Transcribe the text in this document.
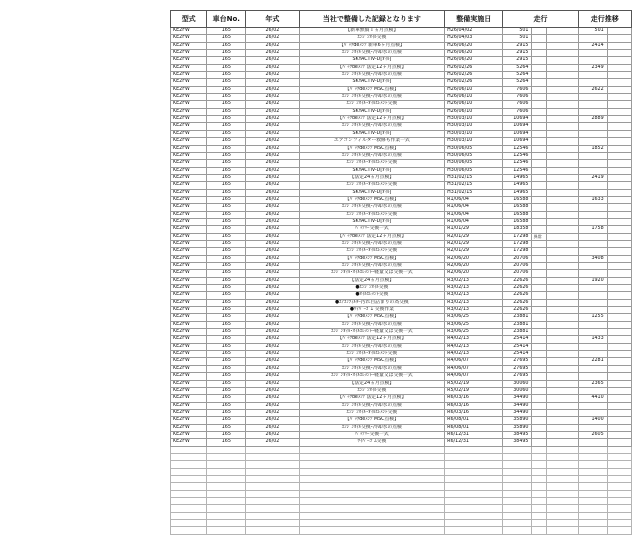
型式	車台No.	年式	当社で整備した記録となります	整備実施日	走行			走行推移	
KE2FW	165	26/02	【新車無償１ヵ月点検】	H26/04/02	501			501	
KE2FW	165	26/02	ｴﾝｼﾞﾝｵｲﾙ交換	H26/04/03	501				
KE2FW	165	26/02	【ﾊﾟｯｸdeﾒﾝﾃ 新車6ヶ月点検】	H26/06/20	2915			2414	
KE2FW	165	26/02	ｴﾝｼﾞﾝｵｲﾙ交換･冷却水の点検	H26/06/20	2915				
KE2FW	165	26/02	SKYACTIV-D[ｵｲﾙ]	H26/06/20	2915				
KE2FW	165	26/02	【ﾊﾟｯｸdeﾒﾝﾃ 法定12ヶ月点検】	H26/02/26	5264			2349	
KE2FW	165	26/02	ｴﾝｼﾞﾝｵｲﾙ交換･冷却水の点検	H26/02/26	5264				
KE2FW	165	26/02	SKYACTIV-D[ｵｲﾙ]	H26/02/26	5264				
KE2FW	165	26/02	【ﾊﾟｯｸdeﾒﾝﾃ MSC点検】	H26/06/10	7606			2622	
KE2FW	165	26/02	ｴﾝｼﾞﾝｵｲﾙ交換･冷却水の点検	H26/06/10	7606				
KE2FW	165	26/02	ｴﾝｼﾞﾝｵｲﾙ･ｵｲﾙｴﾚﾒﾝﾄ交換	H26/06/10	7606				
KE2FW	165	26/02	SKYACTIV-D[ｵｲﾙ]	H26/06/10	7606				
KE2FW	165	26/02	【ﾊﾟｯｸdeﾒﾝﾃ 法定12ヶ月点検】	H30/03/10	10694			2889	
KE2FW	165	26/02	ｴﾝｼﾞﾝｵｲﾙ交換･冷却水の点検	H30/03/10	10694				
KE2FW	165	26/02	SKYACTIV-D[ｵｲﾙ]	H30/03/10	10694				
KE2FW	165	26/02	エアコンフィルター救修も作業一式	H30/03/10	10694				
KE2FW	165	26/02	【ﾊﾟｯｸdeﾒﾝﾃ MSC点検】	H30/06/05	12546			1852	
KE2FW	165	26/02	ｴﾝｼﾞﾝｵｲﾙ交換･冷却水の点検	H30/06/05	12546				
KE2FW	165	26/02	ｴﾝｼﾞﾝｵｲﾙ･ｵｲﾙｴﾚﾒﾝﾄ交換	H30/06/05	12546				
KE2FW	165	26/02	SKYACTIV-D[ｵｲﾙ]	H30/06/05	12546				
KE2FW	165	26/02	【法定24ヵ月点検】	H31/02/15	14965			2419	
KE2FW	165	26/02	ｴﾝｼﾞﾝｵｲﾙ･ｵｲﾙｴﾚﾒﾝﾄ交換	H31/02/15	14965				
KE2FW	165	26/02	SKYACTIV-D[ｵｲﾙ]	H31/02/15	14965				
KE2FW	165	26/02	【ﾊﾟｯｸdeﾒﾝﾃ MSC点検】	R1/06/04	16588			1633	
KE2FW	165	26/02	ｴﾝｼﾞﾝｵｲﾙ交換･冷却水の点検	R1/06/04	16588				
KE2FW	165	26/02	ｴﾝｼﾞﾝｵｲﾙ･ｵｲﾙｴﾚﾒﾝﾄ交換	R1/06/04	16588				
KE2FW	165	26/02	SKYACTIV-D[ｵｲﾙ]	R1/06/04	16588				
KE2FW	165	26/02	ﾊﾞｯﾃﾘｰ交換一式	R1/01/29	18358			1758	
KE2FW	165	26/02	【ﾊﾟｯｸdeﾒﾝﾃ 法定12ヶ月点検】	R2/01/29	17298	異常			
KE2FW	165	26/02	ｴﾝｼﾞﾝｵｲﾙ交換･冷却水の点検	R2/01/29	17298				
KE2FW	165	26/02	ｴﾝｼﾞﾝｵｲﾙ･ｵｲﾙｴﾚﾒﾝﾄ交換	R2/01/29	17298				
KE2FW	165	26/02	【ﾊﾟｯｸdeﾒﾝﾃ MSC点検】	R2/06/20	20706			3408	
KE2FW	165	26/02	ｴﾝｼﾞﾝｵｲﾙ交換･冷却水の点検	R2/06/20	20706				
KE2FW	165	26/02	ｴﾝｼﾞﾝｵｲﾙ･ｵｲﾙｴﾚﾒﾝﾄ･軽量又は交換一式	R2/06/20	20706				
KE2FW	165	26/02	【法定24ヵ月点検】	R3/02/13	22626			1920	
KE2FW	165	26/02	●ｴﾝｼﾞﾝｵｲﾙ交換	R3/02/13	22626				
KE2FW	165	26/02	●ｵｲﾙｴﾚﾒﾝﾄ交換	R3/02/13	22626				
KE2FW	165	26/02	●ｴｱｺﾝﾌｨﾙﾀｰ汚れ目詰まりの為交換	R3/02/13	22626				
KE2FW	165	26/02	●ﾜｲﾊﾟｰｺﾞﾑ 交換作業	R3/02/13	22626				
KE2FW	165	26/02	【ﾊﾟｯｸdeﾒﾝﾃ MSC点検】	R3/06/25	23881			1255	
KE2FW	165	26/02	ｴﾝｼﾞﾝｵｲﾙ交換･冷却水の点検	R3/06/25	23881				
KE2FW	165	26/02	ｴﾝｼﾞﾝｵｲﾙ･ｵｲﾙｴﾚﾒﾝﾄ･軽量又は交換一式	R3/06/25	23881				
KE2FW	165	26/02	【ﾊﾟｯｸdeﾒﾝﾃ 法定12ヶ月点検】	R4/02/13	25414			1433	
KE2FW	165	26/02	ｴﾝｼﾞﾝｵｲﾙ交換･冷却水の点検	R4/02/13	25414				
KE2FW	165	26/02	ｴﾝｼﾞﾝｵｲﾙ･ｵｲﾙｴﾚﾒﾝﾄ交換	R4/02/13	25414				
KE2FW	165	26/02	【ﾊﾟｯｸdeﾒﾝﾃ MSC点検】	R4/06/07	27695			2281	
KE2FW	165	26/02	ｴﾝｼﾞﾝｵｲﾙ交換･冷却水の点検	R4/06/07	27695				
KE2FW	165	26/02	ｴﾝｼﾞﾝｵｲﾙ･ｵｲﾙｴﾚﾒﾝﾄ･軽量又は交換一式	R4/06/07	27695				
KE2FW	165	26/02	【法定24ヵ月点検】	R5/02/19	30060			2365	
KE2FW	165	26/02	ｴﾝｼﾞﾝｵｲﾙ交換	R5/02/19	30060				
KE2FW	165	26/02	【ﾊﾟｯｸdeﾒﾝﾃ 法定12ヶ月点検】	R6/03/16	34490			4410	
KE2FW	165	26/02	ｴﾝｼﾞﾝｵｲﾙ交換･冷却水の点検	R6/03/16	34490				
KE2FW	165	26/02	ｴﾝｼﾞﾝｵｲﾙ･ｵｲﾙｴﾚﾒﾝﾄ交換	R6/03/16	34490				
KE2FW	165	26/02	【ﾊﾟｯｸdeﾒﾝﾃ MSC点検】	R6/08/01	35890			1400	
KE2FW	165	26/02	ｴﾝｼﾞﾝｵｲﾙ交換･冷却水の点検	R6/08/01	35890				
KE2FW	165	26/02	ﾊﾞｯﾃﾘｰ交換一式	R6/12/31	38495			2605	
KE2FW	165	26/02	ﾜｲﾊﾟｰｺﾞﾑ交換	R6/12/31	38495				
